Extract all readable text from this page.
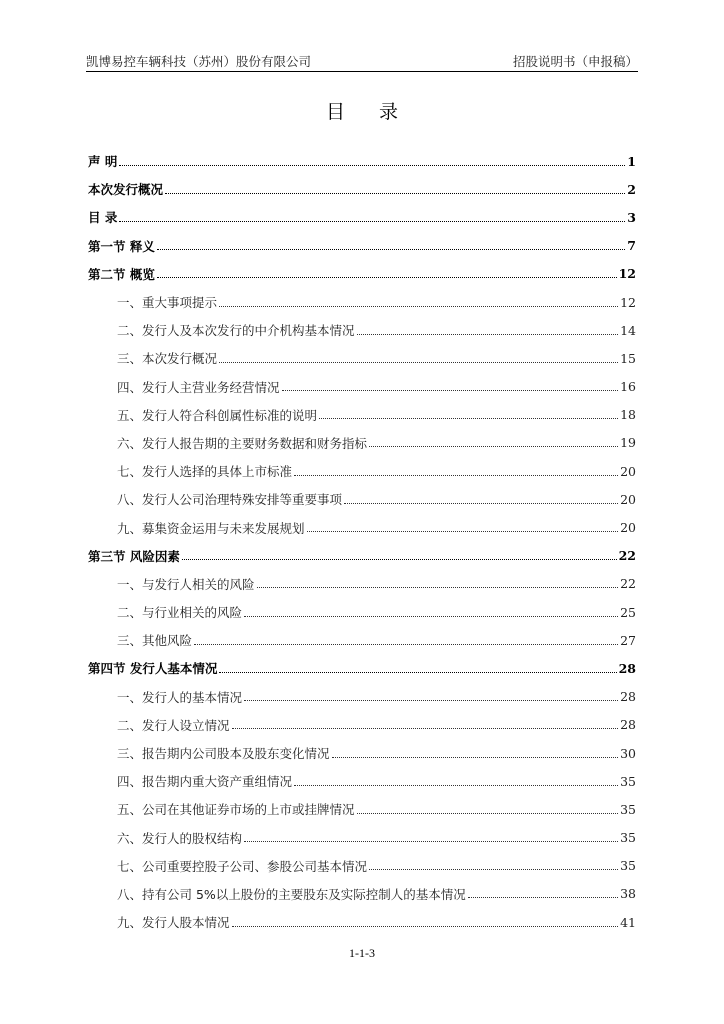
凯博易控车辆科技（苏州）股份有限公司	招股说明书（申报稿）
目 录
声 明	1
本次发行概况	2
目 录	3
第一节 释义	7
第二节 概览	12
一、重大事项提示	12
二、发行人及本次发行的中介机构基本情况	14
三、本次发行概况	15
四、发行人主营业务经营情况	16
五、发行人符合科创属性标准的说明	18
六、发行人报告期的主要财务数据和财务指标	19
七、发行人选择的具体上市标准	20
八、发行人公司治理特殊安排等重要事项	20
九、募集资金运用与未来发展规划	20
第三节 风险因素	22
一、与发行人相关的风险	22
二、与行业相关的风险	25
三、其他风险	27
第四节 发行人基本情况	28
一、发行人的基本情况	28
二、发行人设立情况	28
三、报告期内公司股本及股东变化情况	30
四、报告期内重大资产重组情况	35
五、公司在其他证券市场的上市或挂牌情况	35
六、发行人的股权结构	35
七、公司重要控股子公司、参股公司基本情况	35
八、持有公司 5%以上股份的主要股东及实际控制人的基本情况	38
九、发行人股本情况	41
1-1-3
